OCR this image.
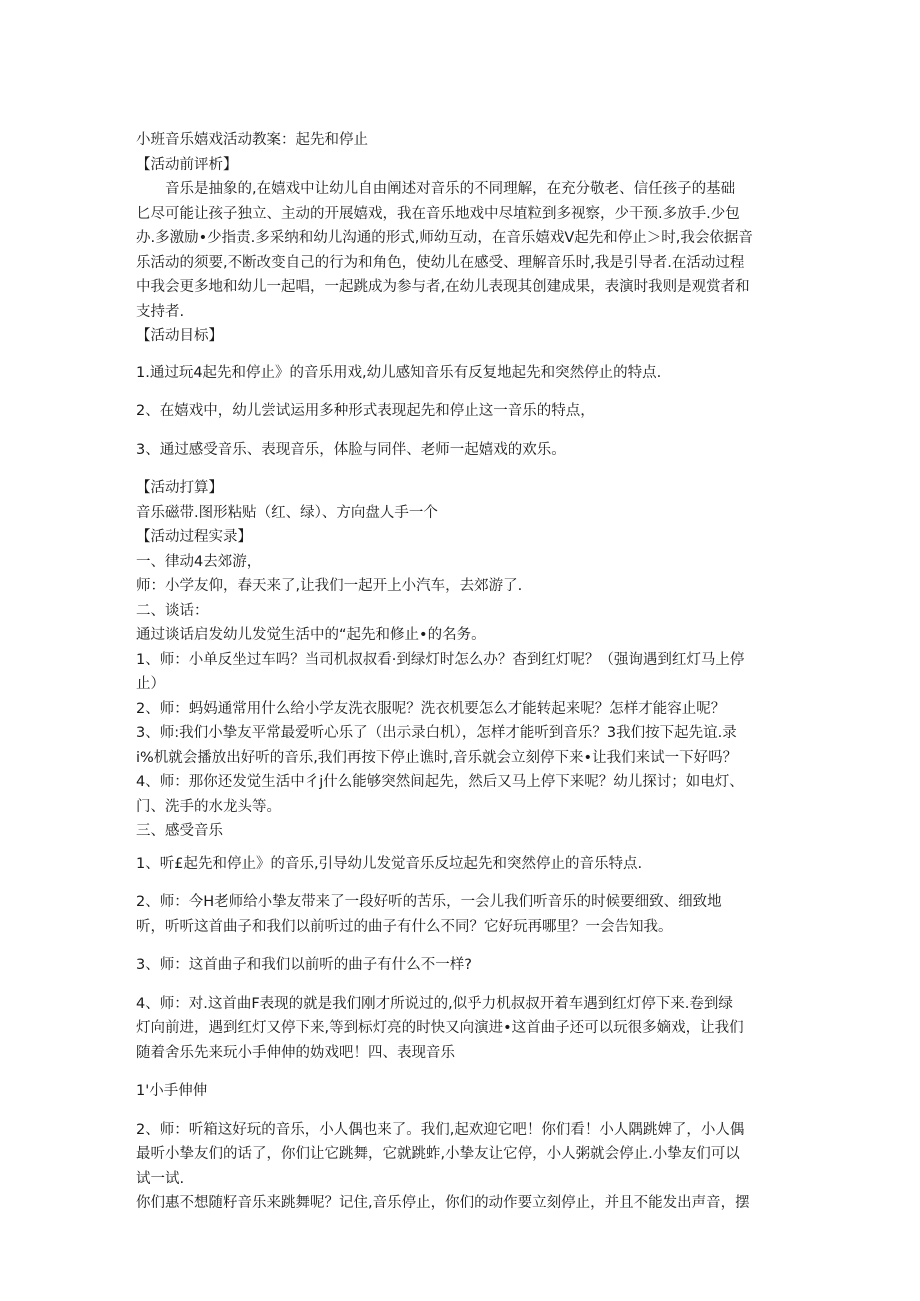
小班音乐嬉戏活动教案：起先和停止
【活动前评析】
音乐是抽象的,在嬉戏中让幼儿自由阐述对音乐的不同理解，在充分敬老、信任孩子的基础
匕尽可能让孩子独立、主动的开展嬉戏，我在音乐地戏中尽埴粒到多视察，少干预.多放手.少包
办.多激励•少指责.多采纳和幼儿沟通的形式,师幼互动，在音乐嬉戏V起先和停止＞时,我会依据音
乐活动的须要,不断改变自己的行为和角色，使幼儿在感受、理解音乐时,我是引导者.在活动过程
中我会更多地和幼儿一起唱，一起跳成为参与者,在幼儿表现其创建成果，表演时我则是观赏者和
支持者.
【活动目标】
1.通过玩4起先和停止》的音乐用戏,幼儿感知音乐有反复地起先和突然停止的特点.
2、在嬉戏中，幼儿尝试运用多种形式表现起先和停止这一音乐的特点，
3、通过感受音乐、表现音乐，体脸与同伴、老师一起嬉戏的欢乐。
【活动打算】
音乐磁带.图形粘贴（红、绿）、方向盘人手一个
【活动过程实录】
一、律动4去郊游，
师：小学友仰，春天来了,让我们一起开上小汽车，去郊游了.
二、谈话：
通过谈话启发幼儿发觉生活中的“起先和修止•的名务。
1、师：小单反坐过车吗？当司机叔叔看·到绿灯时怎么办？杳到红灯呢？（强询遇到红灯马上停
止）
2、师：蚂妈通常用什么给小学友洗衣服呢？洗衣机要怎么才能转起来呢？怎样才能容止呢？
3、师:我们小挚友平常最爱听心乐了（出示录白机），怎样才能听到音乐？3我们按下起先谊.录
i%机就会播放出好听的音乐,我们再按下停止谯时,音乐就会立刻停下来•让我们来试一下好吗？
4、师：那你还发觉生活中彳j什么能够突然间起先，然后又马上停下来呢？幼儿探讨；如电灯、
门、洗手的水龙头等。
三、感受音乐
1、听£起先和停止》的音乐,引导幼儿发觉音乐反垃起先和突然停止的音乐特点.
2、师：今H老师给小挚友带来了一段好听的苦乐，一会儿我们听音乐的时候要细致、细致地
听，听听这首曲子和我们以前听过的曲子有什么不同？它好玩再哪里？一会告知我。
3、师：这首曲子和我们以前听的曲子有什么不一样?
4、师：对.这首曲F表现的就是我们刚才所说过的,似乎力机叔叔开着车遇到红灯停下来.卷到绿
灯向前进，遇到红灯又停下来,等到标灯亮的时快又向演进•这首曲子还可以玩很多嫡戏，让我们
随着舍乐先来玩小手伸伸的妫戏吧！四、表现音乐
1'小手伸伸
2、师：听箱这好玩的音乐，小人偶也来了。我们,起欢迎它吧！你们看！小人隅跳婢了，小人偶
最听小挚友们的话了，你们让它跳舞，它就跳蚱,小挚友让它停，小人粥就会停止.小挚友们可以
试一试.
你们惠不想随籽音乐来跳舞呢？记住,音乐停止，你们的动作要立刻停止，并且不能发出声音，摆
